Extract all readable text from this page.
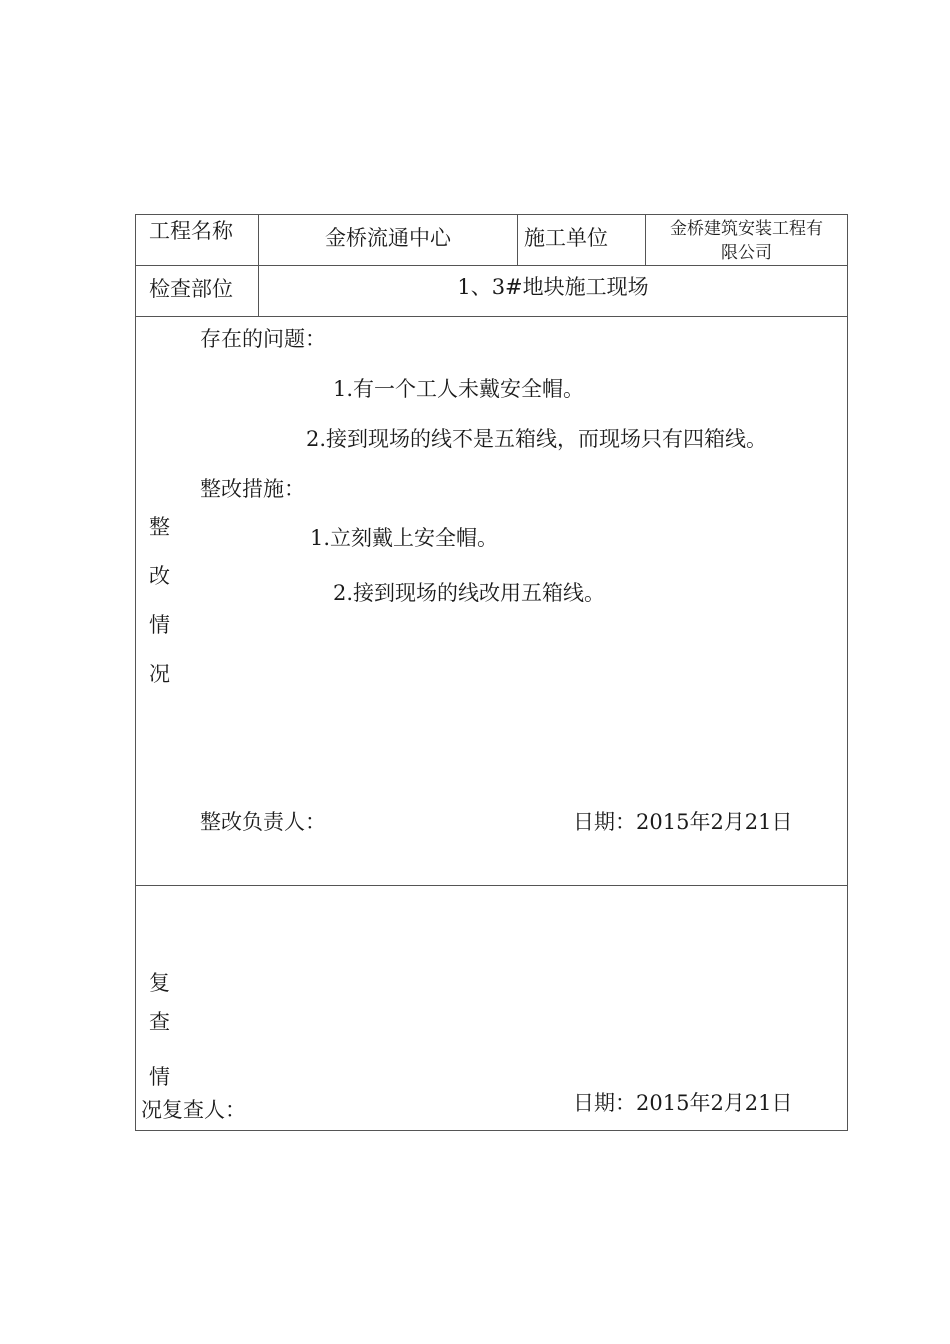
工程名称	金桥流通中心	施工单位	金桥建筑安装工程有
限公司
检查部位	1、3#地块施工现场
整
改
情
况
存在的问题：
1.有一个工人未戴安全帽。
2.接到现场的线不是五箱线，而现场只有四箱线。
整改措施：
1.立刻戴上安全帽。
2.接到现场的线改用五箱线。
整改负责人：	日期：2015年2月21日
复
查
情
况复查人：	日期：2015年2月21日
